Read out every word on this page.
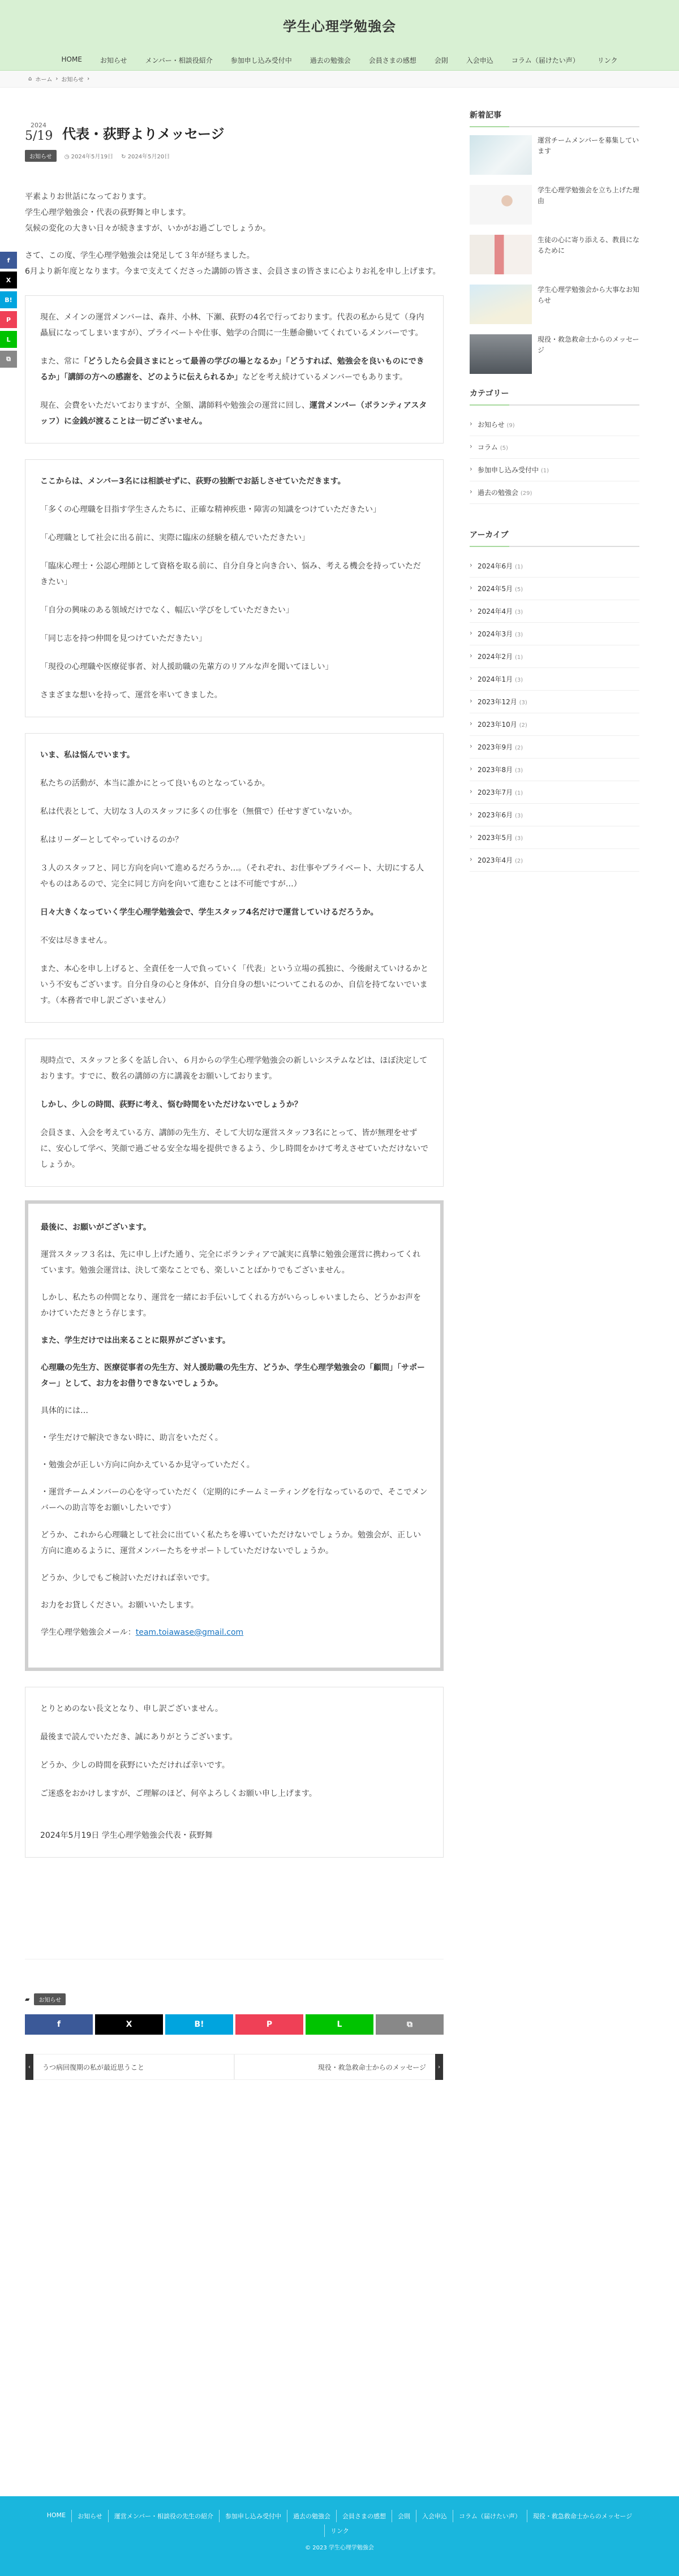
学生心理学勉強会
HOME	お知らせ	メンバー・相談役紹介	参加申し込み受付中	過去の勉強会	会員さまの感想	会則	入会申込	コラム（届けたい声）	リンク
⌂ ホーム › お知らせ ›
f
X
B!
P
L
⧉
2024
5/19 代表・荻野よりメッセージ
お知らせ	◷ 2024年5月19日 ↻ 2024年5月20日

平素よりお世話になっております。

学生心理学勉強会・代表の荻野舞と申します。

気候の変化の大きい日々が続きますが、いかがお過ごしでしょうか。

さて、この度、学生心理学勉強会は発足して３年が経ちました。

6月より新年度となります。今まで支えてくださった講師の皆さま、会員さまの皆さまに心よりお礼を申し上げます。

現在、メインの運営メンバーは、森井、小林、下瀬、荻野の4名で行っております。代表の私から見て（身内贔屓になってしまいますが）、プライベートや仕事、勉学の合間に一生懸命働いてくれているメンバーです。

また、常に「どうしたら会員さまにとって最善の学びの場となるか」「どうすれば、勉強会を良いものにできるか」「講師の方への感謝を、どのように伝えられるか」などを考え続けているメンバーでもあります。

現在、会費をいただいておりますが、全額、講師料や勉強会の運営に回し、運営メンバー（ボランティアスタッフ）に金銭が渡ることは一切ございません。

ここからは、メンバー3名には相談せずに、荻野の独断でお話しさせていただきます。

「多くの心理職を目指す学生さんたちに、正確な精神疾患・障害の知識をつけていただきたい」

「心理職として社会に出る前に、実際に臨床の経験を積んでいただきたい」

「臨床心理士・公認心理師として資格を取る前に、自分自身と向き合い、悩み、考える機会を持っていただきたい」

「自分の興味のある領域だけでなく、幅広い学びをしていただきたい」

「同じ志を持つ仲間を見つけていただきたい」

「現役の心理職や医療従事者、対人援助職の先輩方のリアルな声を聞いてほしい」

さまざまな想いを持って、運営を率いてきました。

いま、私は悩んでいます。

私たちの活動が、本当に誰かにとって良いものとなっているか。

私は代表として、大切な３人のスタッフに多くの仕事を（無償で）任せすぎていないか。

私はリーダーとしてやっていけるのか？

３人のスタッフと、同じ方向を向いて進めるだろうか…。（それぞれ、お仕事やプライベート、大切にする人やものはあるので、完全に同じ方向を向いて進むことは不可能ですが…）

日々大きくなっていく学生心理学勉強会で、学生スタッフ4名だけで運営していけるだろうか。

不安は尽きません。

また、本心を申し上げると、全責任を一人で負っていく「代表」という立場の孤独に、今後耐えていけるかという不安もございます。自分自身の心と身体が、自分自身の想いについてこれるのか、自信を持てないでいます。（本務者で申し訳ございません）

現時点で、スタッフと多くを話し合い、６月からの学生心理学勉強会の新しいシステムなどは、ほぼ決定しております。すでに、数名の講師の方に講義をお願いしております。

しかし、少しの時間、荻野に考え、悩む時間をいただけないでしょうか？

会員さま、入会を考えている方、講師の先生方、そして大切な運営スタッフ3名にとって、皆が無理をせずに、安心して学べ、笑顔で過ごせる安全な場を提供できるよう、少し時間をかけて考えさせていただけないでしょうか。

最後に、お願いがございます。

運営スタッフ３名は、先に申し上げた通り、完全にボランティアで誠実に真摯に勉強会運営に携わってくれています。勉強会運営は、決して楽なことでも、楽しいことばかりでもございません。

しかし、私たちの仲間となり、運営を一緒にお手伝いしてくれる方がいらっしゃいましたら、どうかお声をかけていただきとう存じます。

また、学生だけでは出来ることに限界がございます。

心理職の先生方、医療従事者の先生方、対人援助職の先生方、どうか、学生心理学勉強会の「顧問」「サポーター」として、お力をお借りできないでしょうか。

具体的には…

・学生だけで解決できない時に、助言をいただく。

・勉強会が正しい方向に向かえているか見守っていただく。

・運営チームメンバーの心を守っていただく（定期的にチームミーティングを行なっているので、そこでメンバーへの助言等をお願いしたいです）

どうか、これから心理職として社会に出ていく私たちを導いていただけないでしょうか。勉強会が、正しい方向に進めるように、運営メンバーたちをサポートしていただけないでしょうか。

どうか、少しでもご検討いただければ幸いです。

お力をお貸しください。お願いいたします。

学生心理学勉強会メール：team.toiawase@gmail.com

とりとめのない長文となり、申し訳ございません。

最後まで読んでいただき、誠にありがとうございます。

どうか、少しの時間を荻野にいただければ幸いです。

ご迷惑をおかけしますが、ご理解のほど、何卒よろしくお願い申し上げます。

2024年5月19日 学生心理学勉強会代表・荻野舞

▰	お知らせ
f	X	B!	P	L	⧉
‹	うつ病回復期の私が最近思うこと	現役・救急救命士からのメッセージ	›
新着記事
運営チームメンバーを募集しています
学生心理学勉強会を立ち上げた理由
生徒の心に寄り添える、教員になるために
学生心理学勉強会から大事なお知らせ
現役・救急救命士からのメッセージ
カテゴリー
› お知らせ (9)
› コラム (5)
› 参加申し込み受付中 (1)
› 過去の勉強会 (29)
アーカイブ
› 2024年6月 (1)
› 2024年5月 (5)
› 2024年4月 (3)
› 2024年3月 (3)
› 2024年2月 (1)
› 2024年1月 (3)
› 2023年12月 (3)
› 2023年10月 (2)
› 2023年9月 (2)
› 2023年8月 (3)
› 2023年7月 (1)
› 2023年6月 (3)
› 2023年5月 (3)
› 2023年4月 (2)
HOME	お知らせ	運営メンバー・相談役の先生の紹介	参加申し込み受付中	過去の勉強会	会員さまの感想	会則	入会申込	コラム（届けたい声）	現役・救急救命士からのメッセージ
リンク
© 2023 学生心理学勉強会
